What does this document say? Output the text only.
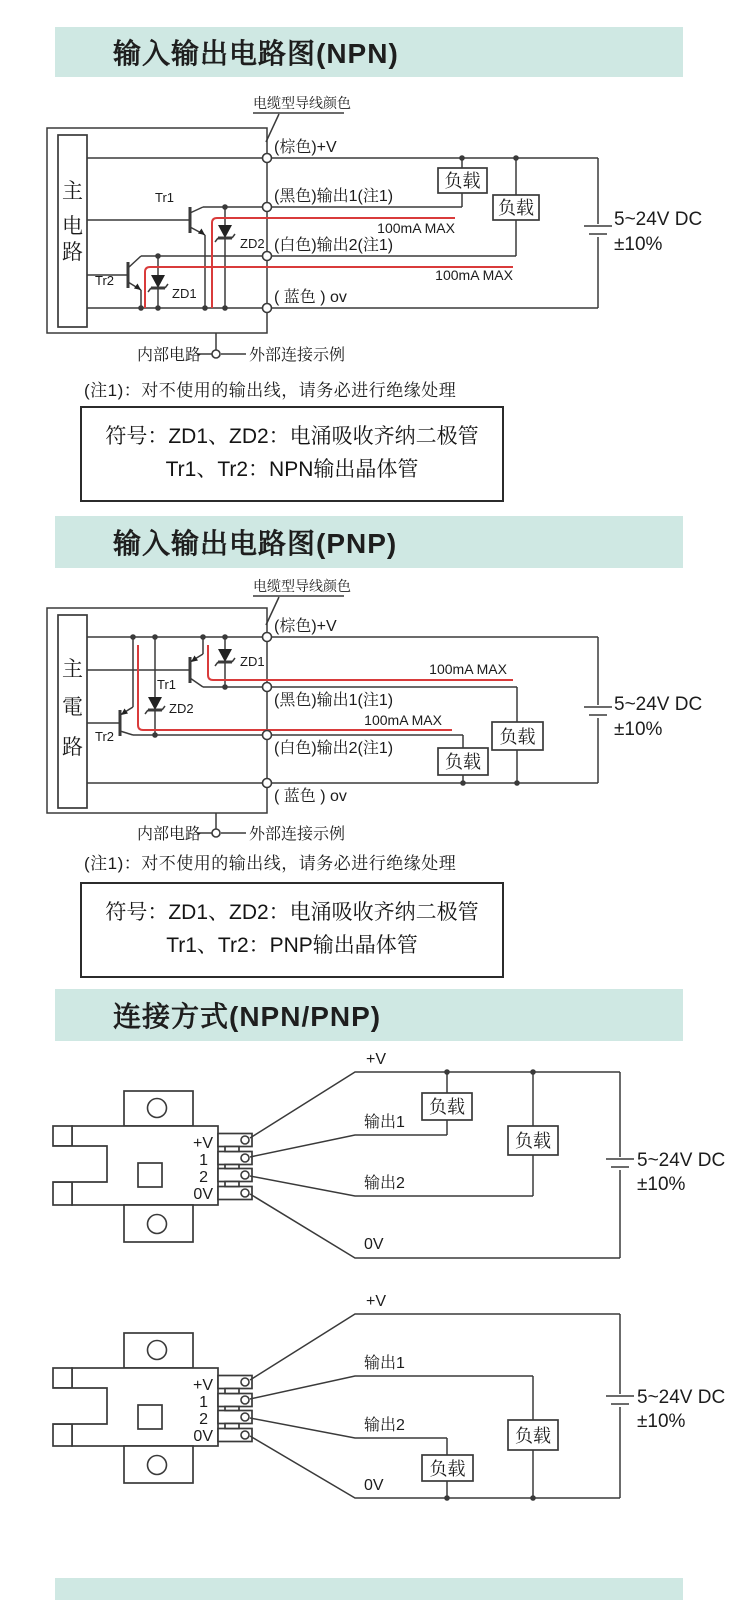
输入输出电路图(NPN)
电缆型导线颜色
主
电
路
Tr1
ZD2
Tr2
ZD1
100mA MAX
100mA MAX
负载
负载
5~24V DC
±10%
(棕色)+V
(黑色)输出1(注1)
(白色)输出2(注1)
( 蓝色 ) ov
内部电路	外部连接示例
(注1)：对不使用的输出线，请务必进行绝缘处理
符号：ZD1、ZD2：电涌吸收齐纳二极管
Tr1、Tr2：NPN输出晶体管
输入输出电路图(PNP)
电缆型导线颜色
主
電
路
Tr1
ZD1
Tr2
ZD2
100mA MAX
100mA MAX
负载
负载
5~24V DC
±10%
(棕色)+V
(黑色)输出1(注1)
(白色)输出2(注1)
( 蓝色 ) ov
内部电路	外部连接示例
(注1)：对不使用的输出线，请务必进行绝缘处理
符号：ZD1、ZD2：电涌吸收齐纳二极管
Tr1、Tr2：PNP输出晶体管
连接方式(NPN/PNP)
+V
1
2
0V
+V
输出1
输出2
0V
负载
负载
5~24V DC
±10%
+V
1
2
0V
+V
输出1
输出2
0V
负载
负载
5~24V DC
±10%
